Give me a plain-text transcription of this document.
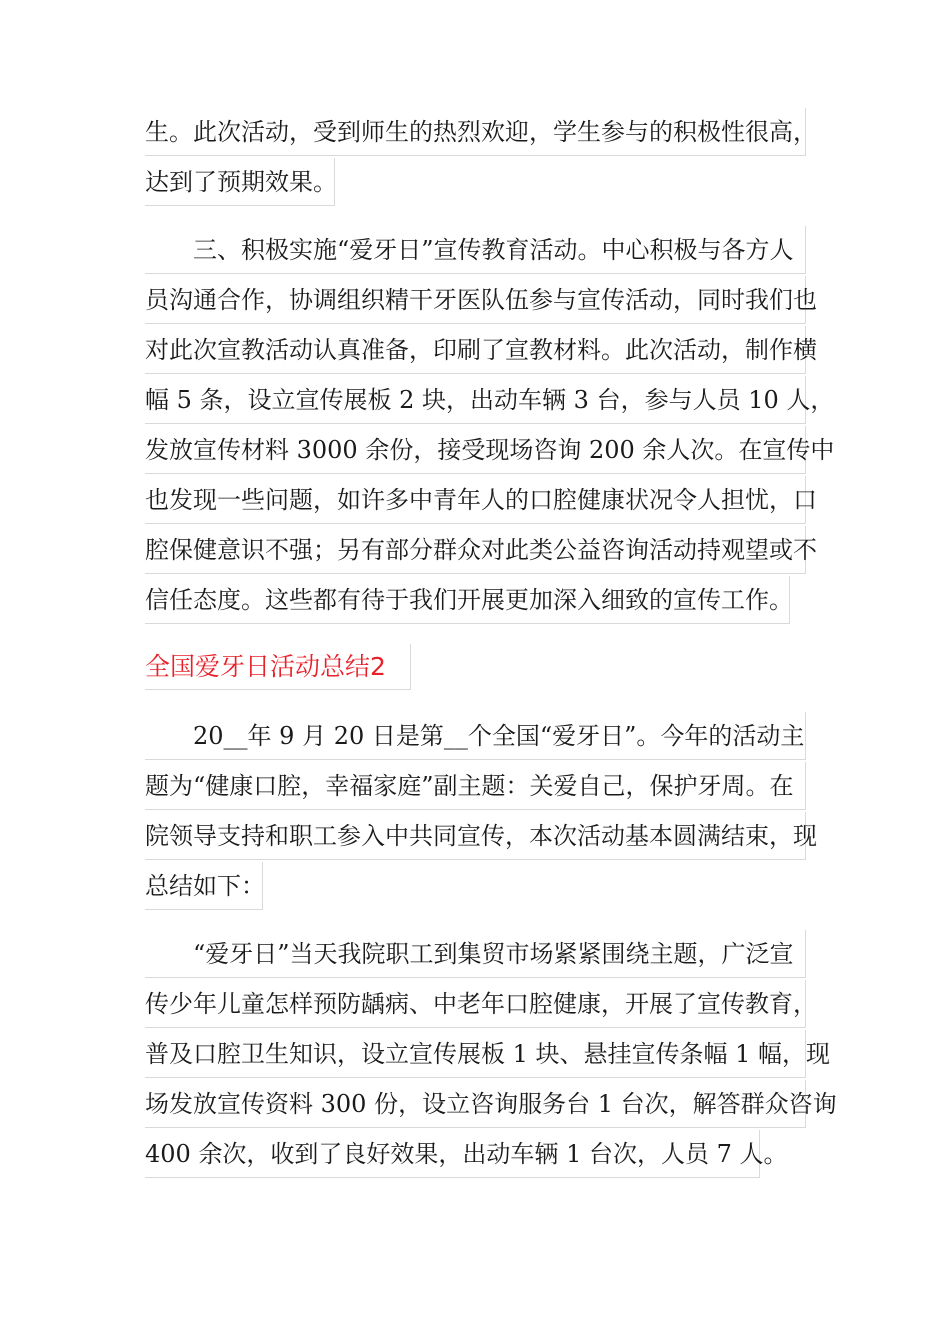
生。此次活动，受到师生的热烈欢迎，学生参与的积极性很高，
达到了预期效果。
　　三、积极实施“爱牙日”宣传教育活动。中心积极与各方人
员沟通合作，协调组织精干牙医队伍参与宣传活动，同时我们也
对此次宣教活动认真准备，印刷了宣教材料。此次活动，制作横
幅 5 条，设立宣传展板 2 块，出动车辆 3 台，参与人员 10 人，
发放宣传材料 3000 余份，接受现场咨询 200 余人次。在宣传中
也发现一些问题，如许多中青年人的口腔健康状况令人担忧，口
腔保健意识不强；另有部分群众对此类公益咨询活动持观望或不
信任态度。这些都有待于我们开展更加深入细致的宣传工作。
全国爱牙日活动总结2
　　20__年 9 月 20 日是第__个全国“爱牙日”。今年的活动主
题为“健康口腔，幸福家庭”副主题：关爱自己，保护牙周。在
院领导支持和职工参入中共同宣传，本次活动基本圆满结束，现
总结如下：
　　“爱牙日”当天我院职工到集贸市场紧紧围绕主题，广泛宣
传少年儿童怎样预防龋病、中老年口腔健康，开展了宣传教育，
普及口腔卫生知识，设立宣传展板 1 块、悬挂宣传条幅 1 幅，现
场发放宣传资料 300 份，设立咨询服务台 1 台次，解答群众咨询
400 余次，收到了良好效果，出动车辆 1 台次，人员 7 人。
